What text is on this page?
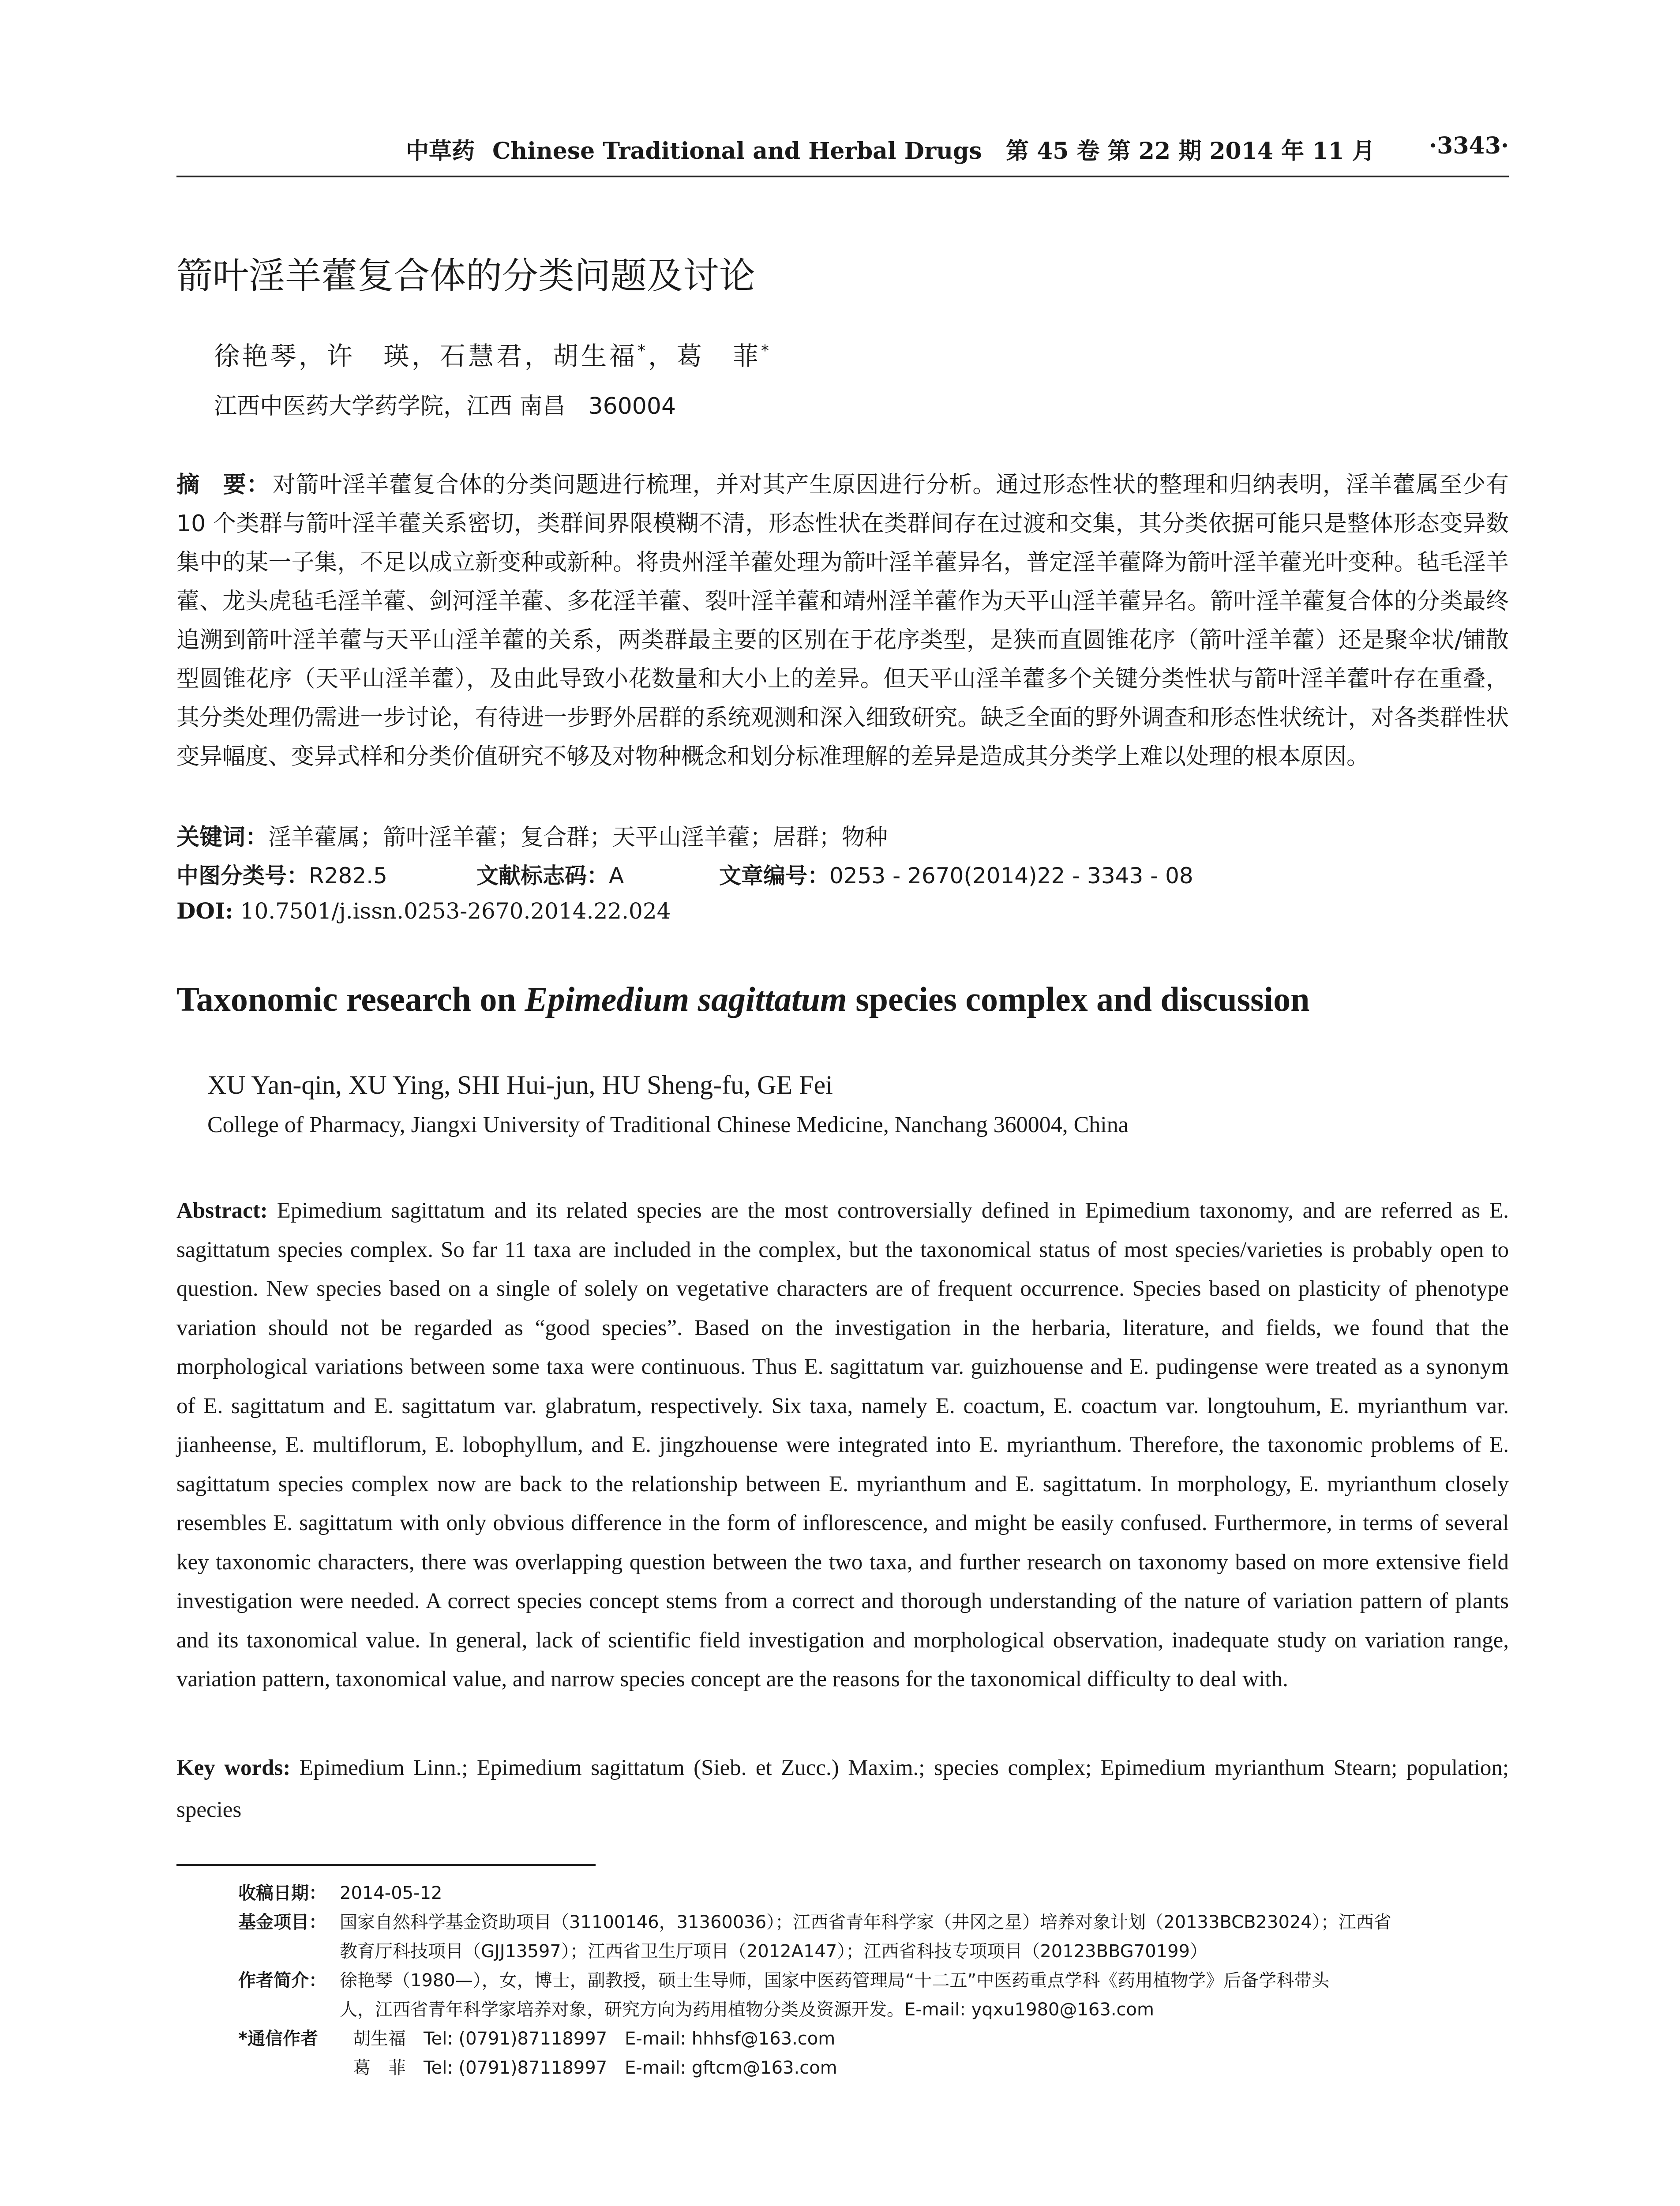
中草药 Chinese Traditional and Herbal Drugs 第 45 卷 第 22 期 2014 年 11 月 ·3343·
箭叶淫羊藿复合体的分类问题及讨论
徐艳琴，许　瑛，石慧君，胡生福*，葛　菲*
江西中医药大学药学院，江西 南昌　360004
摘　要： 对箭叶淫羊藿复合体的分类问题进行梳理，并对其产生原因进行分析。通过形态性状的整理和归纳表明，淫羊藿属至少有 10 个类群与箭叶淫羊藿关系密切，类群间界限模糊不清，形态性状在类群间存在过渡和交集，其分类依据可能只是整体形态变异数集中的某一子集，不足以成立新变种或新种。将贵州淫羊藿处理为箭叶淫羊藿异名，普定淫羊藿降为箭叶淫羊藿光叶变种。毡毛淫羊藿、龙头虎毡毛淫羊藿、剑河淫羊藿、多花淫羊藿、裂叶淫羊藿和靖州淫羊藿作为天平山淫羊藿异名。箭叶淫羊藿复合体的分类最终追溯到箭叶淫羊藿与天平山淫羊藿的关系，两类群最主要的区别在于花序类型，是狭而直圆锥花序（箭叶淫羊藿）还是聚伞状/铺散型圆锥花序（天平山淫羊藿），及由此导致小花数量和大小上的差异。但天平山淫羊藿多个关键分类性状与箭叶淫羊藿叶存在重叠，其分类处理仍需进一步讨论，有待进一步野外居群的系统观测和深入细致研究。缺乏全面的野外调查和形态性状统计，对各类群性状变异幅度、变异式样和分类价值研究不够及对物种概念和划分标准理解的差异是造成其分类学上难以处理的根本原因。
关键词：淫羊藿属；箭叶淫羊藿；复合群；天平山淫羊藿；居群；物种
中图分类号：R282.5	文献标志码：A	文章编号：0253 - 2670(2014)22 - 3343 - 08
DOI: 10.7501/j.issn.0253-2670.2014.22.024
Taxonomic research on Epimedium sagittatum species complex and discussion
XU Yan-qin, XU Ying, SHI Hui-jun, HU Sheng-fu, GE Fei
College of Pharmacy, Jiangxi University of Traditional Chinese Medicine, Nanchang 360004, China
Abstract: Epimedium sagittatum and its related species are the most controversially defined in Epimedium taxonomy, and are referred as E. sagittatum species complex. So far 11 taxa are included in the complex, but the taxonomical status of most species/varieties is probably open to question. New species based on a single of solely on vegetative characters are of frequent occurrence. Species based on plasticity of phenotype variation should not be regarded as “good species”. Based on the investigation in the herbaria, literature, and fields, we found that the morphological variations between some taxa were continuous. Thus E. sagittatum var. guizhouense and E. pudingense were treated as a synonym of E. sagittatum and E. sagittatum var. glabratum, respectively. Six taxa, namely E. coactum, E. coactum var. longtouhum, E. myrianthum var. jianheense, E. multiflorum, E. lobophyllum, and E. jingzhouense were integrated into E. myrianthum. Therefore, the taxonomic problems of E. sagittatum species complex now are back to the relationship between E. myrianthum and E. sagittatum. In morphology, E. myrianthum closely resembles E. sagittatum with only obvious difference in the form of inflorescence, and might be easily confused. Furthermore, in terms of several key taxonomic characters, there was overlapping question between the two taxa, and further research on taxonomy based on more extensive field investigation were needed. A correct species concept stems from a correct and thorough understanding of the nature of variation pattern of plants and its taxonomical value. In general, lack of scientific field investigation and morphological observation, inadequate study on variation range, variation pattern, taxonomical value, and narrow species concept are the reasons for the taxonomical difficulty to deal with.
Key words: Epimedium Linn.; Epimedium sagittatum (Sieb. et Zucc.) Maxim.; species complex; Epimedium myrianthum Stearn; population; species
收稿日期： 2014-05-12
基金项目： 国家自然科学基金资助项目（31100146，31360036）；江西省青年科学家（井冈之星）培养对象计划（20133BCB23024）；江西省
教育厅科技项目（GJJ13597）；江西省卫生厅项目（2012A147）；江西省科技专项项目（20123BBG70199）
作者简介： 徐艳琴（1980—），女，博士，副教授，硕士生导师，国家中医药管理局“十二五”中医药重点学科《药用植物学》后备学科带头
人，江西省青年科学家培养对象，研究方向为药用植物分类及资源开发。E-mail: yqxu1980@163.com
*通信作者 胡生福　Tel: (0791)87118997　E-mail: hhhsf@163.com
葛　菲　Tel: (0791)87118997　E-mail: gftcm@163.com
